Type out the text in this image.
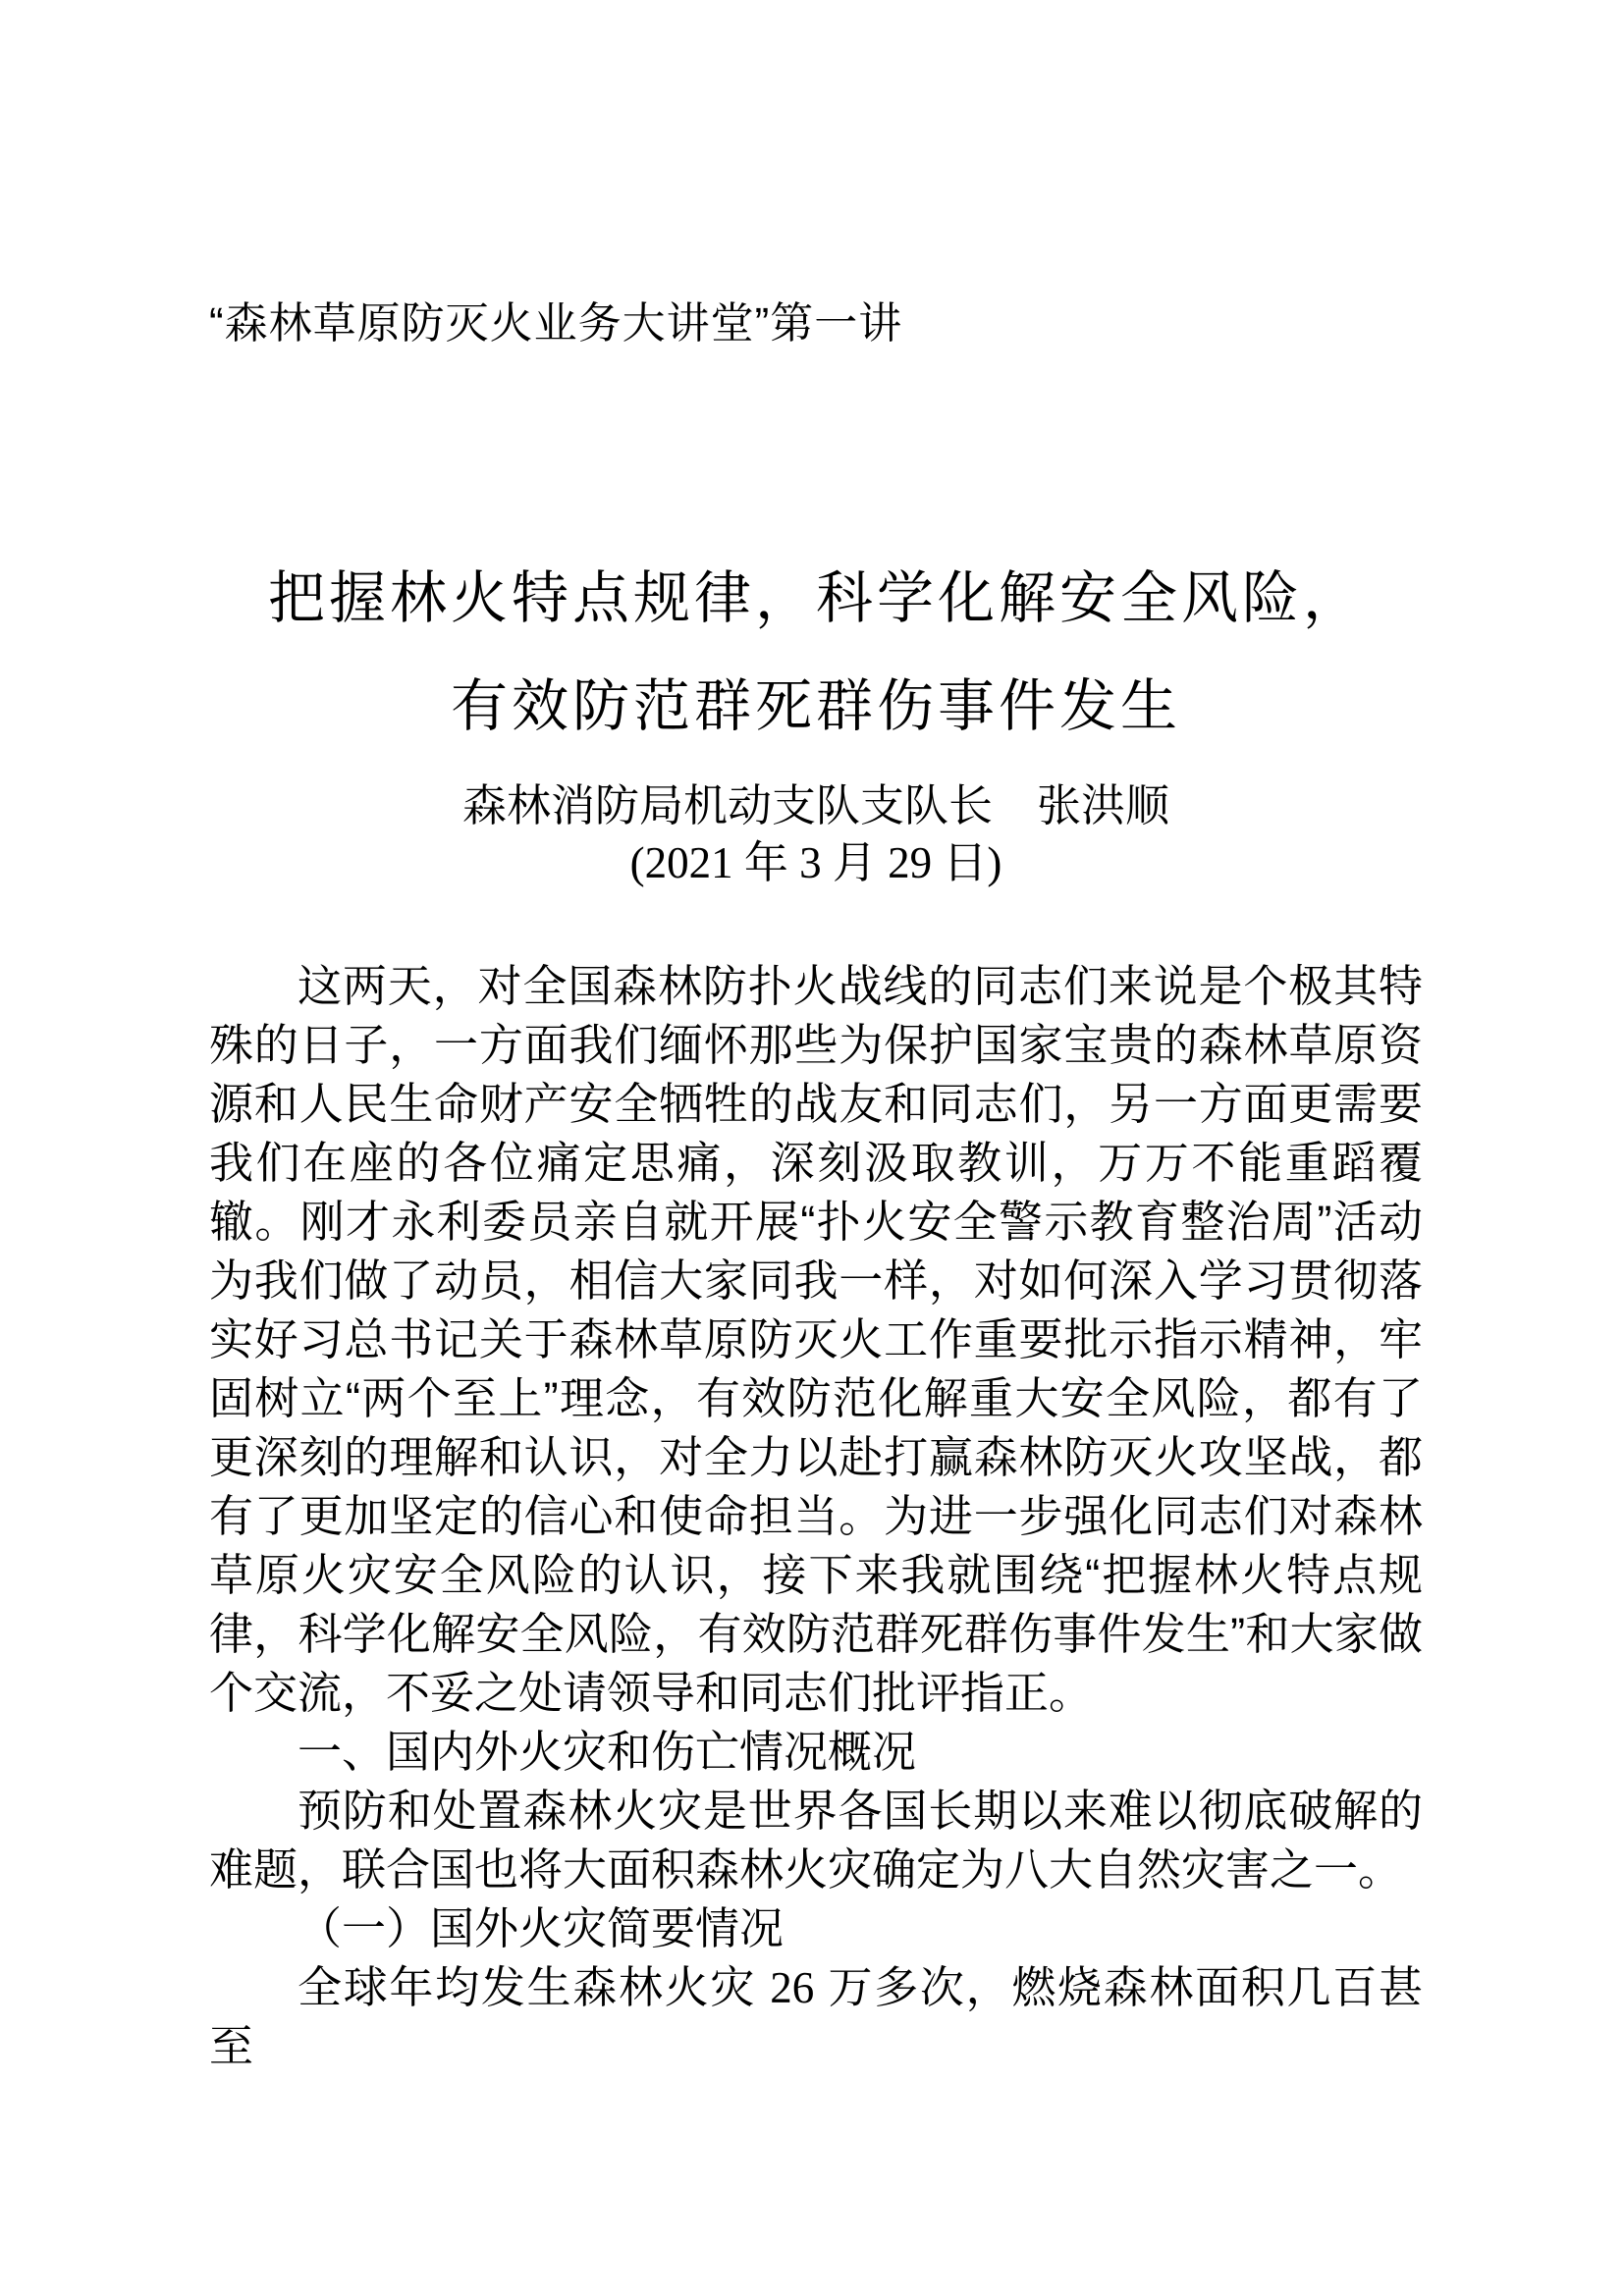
“森林草原防灭火业务大讲堂”第一讲
把握林火特点规律，科学化解安全风险，
有效防范群死群伤事件发生
森林消防局机动支队支队长　张洪顺
(2021 年 3 月 29 日)

这两天，对全国森林防扑火战线的同志们来说是个极其特殊的日子，一方面我们缅怀那些为保护国家宝贵的森林草原资源和人民生命财产安全牺牲的战友和同志们，另一方面更需要我们在座的各位痛定思痛，深刻汲取教训，万万不能重蹈覆辙。刚才永利委员亲自就开展“扑火安全警示教育整治周”活动为我们做了动员，相信大家同我一样，对如何深入学习贯彻落实好习总书记关于森林草原防灭火工作重要批示指示精神，牢固树立“两个至上”理念，有效防范化解重大安全风险，都有了更深刻的理解和认识，对全力以赴打赢森林防灭火攻坚战，都有了更加坚定的信心和使命担当。为进一步强化同志们对森林草原火灾安全风险的认识，接下来我就围绕“把握林火特点规律，科学化解安全风险，有效防范群死群伤事件发生”和大家做个交流，不妥之处请领导和同志们批评指正。

一、国内外火灾和伤亡情况概况

预防和处置森林火灾是世界各国长期以来难以彻底破解的难题，联合国也将大面积森林火灾确定为八大自然灾害之一。

（一）国外火灾简要情况

全球年均发生森林火灾 26 万多次，燃烧森林面积几百甚至
